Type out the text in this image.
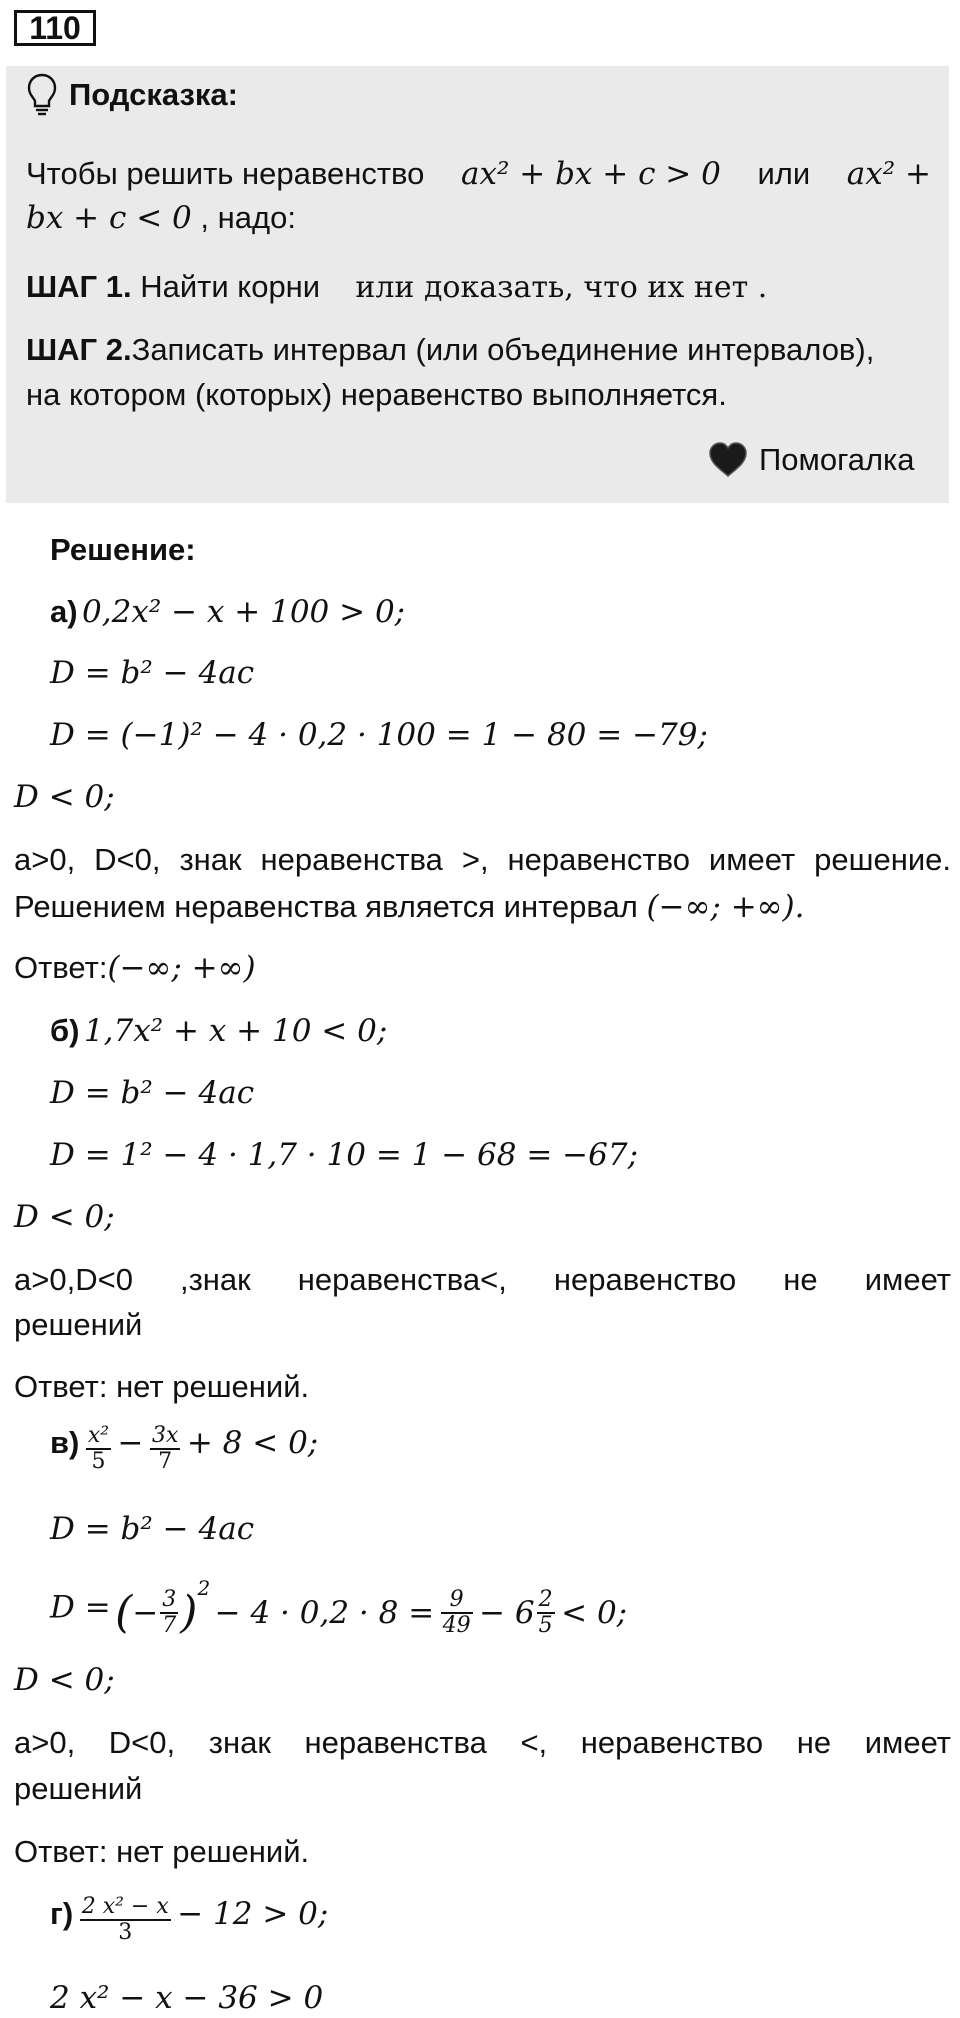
110
Подсказка:
Чтобы решить неравенство ax² + bx + c > 0 или ax² +
bx + c < 0 , надо:
ШАГ 1. Найти корни или доказать, что их нет .
ШАГ 2.Записать интервал (или объединение интервалов),
на котором (которых) неравенство выполняется.
Помогалка
Решение:
а) 0,2x² − x + 100 > 0;
D = b² − 4ac
D = (−1)² − 4 · 0,2 · 100 = 1 − 80 = −79;
D < 0;
a>0, D<0, знак неравенства >, неравенство имеет решение.
Решением неравенства является интервал (−∞; +∞).
Ответ:(−∞; +∞)
б) 1,7x² + x + 10 < 0;
D = b² − 4ac
D = 1² − 4 · 1,7 · 10 = 1 − 68 = −67;
D < 0;
a>0,D<0 ,знак неравенства<, неравенство не имеет
решений
Ответ: нет решений.
$в) \frac{\text{x²}}{5} - \frac{3x}{7} + 8 < 0$;
D = b² − 4ac
D = (− $\frac{3}{7} )^2 - 4 \cdot 0,2 \cdot 8 = \frac{9}{49} - 6 \frac{2}{5} < 0$;
D < 0;
a>0, D<0, знак неравенства <, неравенство не имеет
решений
Ответ: нет решений.
$г) \frac{\text{2 x² − x}}{3} - 12 > 0$;
2 x² − x − 36 > 0
